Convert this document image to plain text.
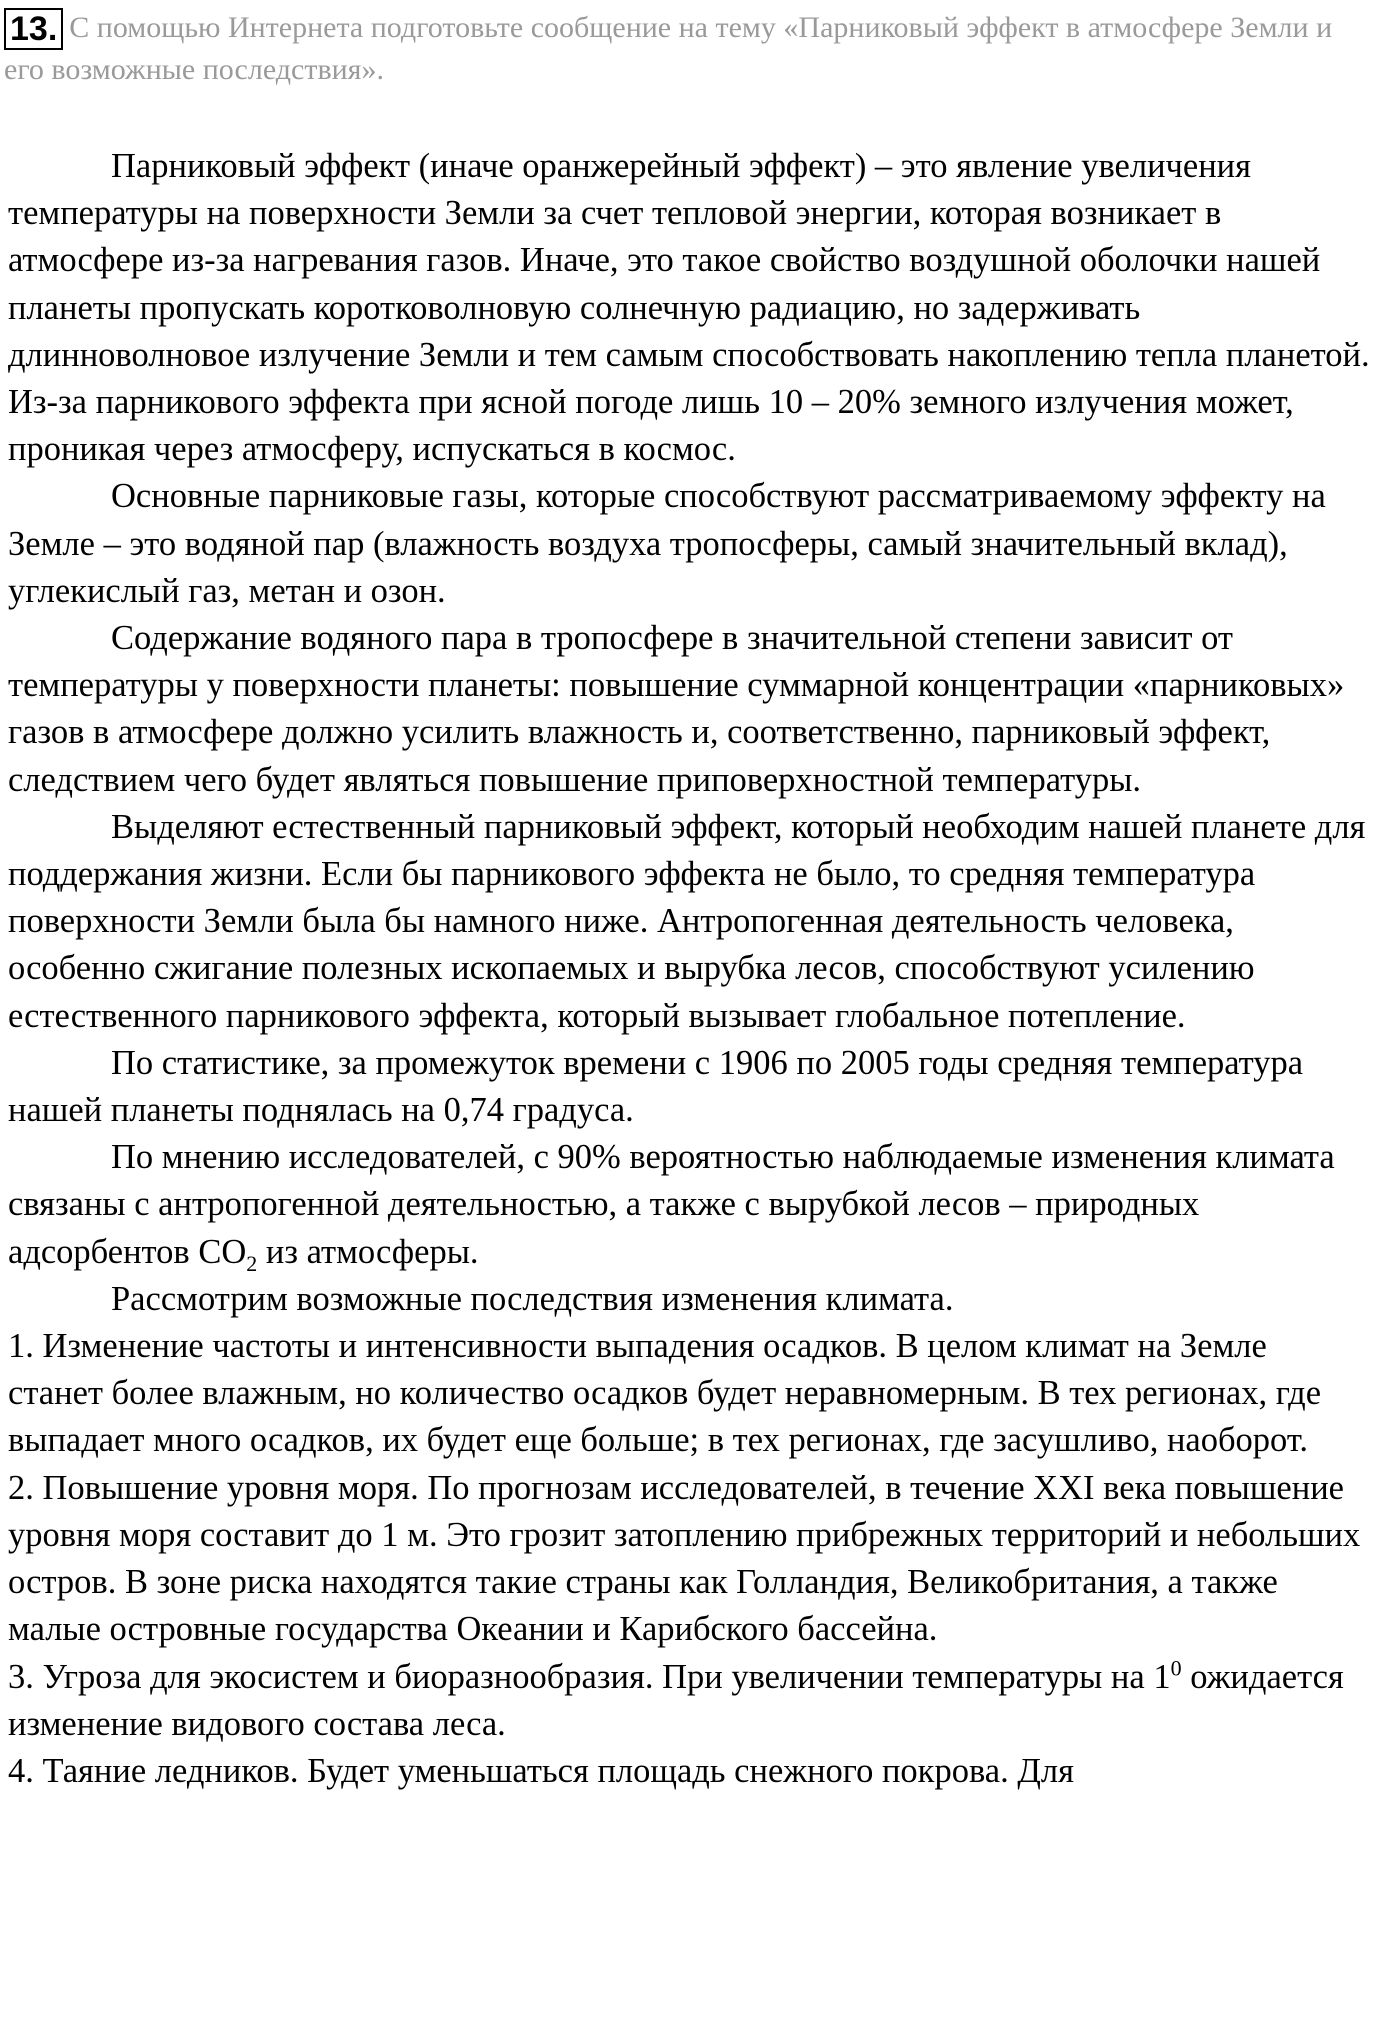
13. С помощью Интернета подготовьте сообщение на тему «Парниковый эффект в атмосфере Земли и его возможные последствия».

Парниковый эффект (иначе оранжерейный эффект) – это явление увеличения температуры на поверхности Земли за счет тепловой энергии, которая возникает в атмосфере из-за нагревания газов. Иначе, это такое свойство воздушной оболочки нашей планеты пропускать коротковолновую солнечную радиацию, но задерживать длинноволновое излучение Земли и тем самым способствовать накоплению тепла планетой. Из-за парникового эффекта при ясной погоде лишь 10 – 20% земного излучения может, проникая через атмосферу, испускаться в космос.

Основные парниковые газы, которые способствуют рассматриваемому эффекту на Земле – это водяной пар (влажность воздуха тропосферы, самый значительный вклад), углекислый газ, метан и озон.

Содержание водяного пара в тропосфере в значительной степени зависит от температуры у поверхности планеты: повышение суммарной концентрации «парниковых» газов в атмосфере должно усилить влажность и, соответственно, парниковый эффект, следствием чего будет являться повышение приповерхностной температуры.

Выделяют естественный парниковый эффект, который необходим нашей планете для поддержания жизни. Если бы парникового эффекта не было, то средняя температура поверхности Земли была бы намного ниже. Антропогенная деятельность человека, особенно сжигание полезных ископаемых и вырубка лесов, способствуют усилению естественного парникового эффекта, который вызывает глобальное потепление.

По статистике, за промежуток времени с 1906 по 2005 годы средняя температура нашей планеты поднялась на 0,74 градуса.

По мнению исследователей, с 90% вероятностью наблюдаемые изменения климата связаны с антропогенной деятельностью, а также с вырубкой лесов – природных адсорбентов $СО_2$ из атмосферы.

Рассмотрим возможные последствия изменения климата.

1. Изменение частоты и интенсивности выпадения осадков. В целом климат на Земле станет более влажным, но количество осадков будет неравномерным. В тех регионах, где выпадает много осадков, их будет еще больше; в тех регионах, где засушливо, наоборот.

2. Повышение уровня моря. По прогнозам исследователей, в течение XXI века повышение уровня моря составит до 1 м. Это грозит затоплению прибрежных территорий и небольших остров. В зоне риска находятся такие страны как Голландия, Великобритания, а также малые островные государства Океании и Карибского бассейна.

3. Угроза для экосистем и биоразнообразия. При увеличении температуры на $1^0$ ожидается изменение видового состава леса.

4. Таяние ледников. Будет уменьшаться площадь снежного покрова. Для
